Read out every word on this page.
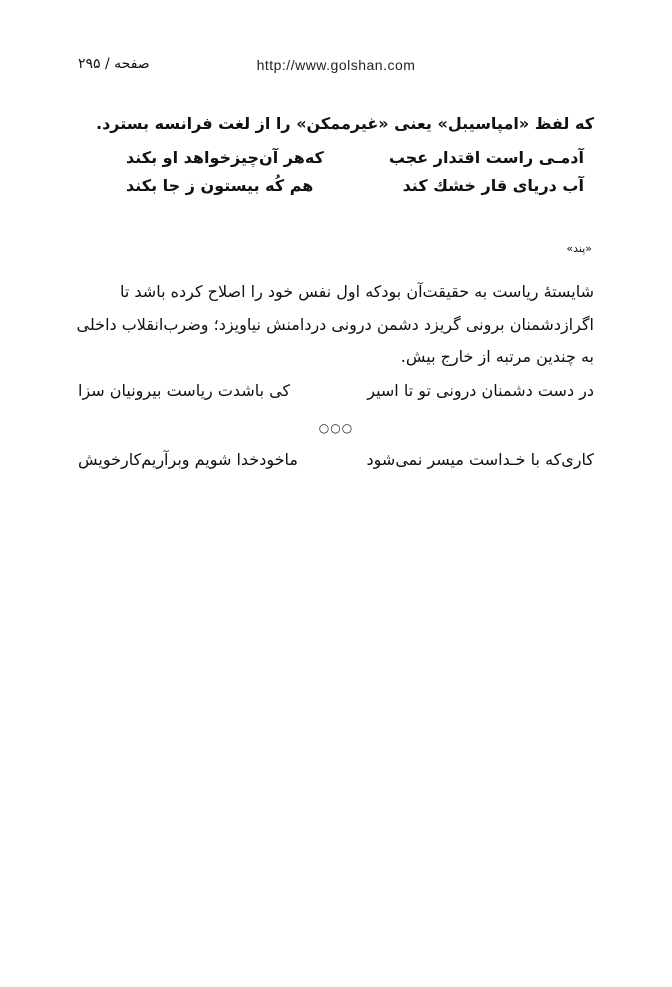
http://www.golshan.com
صفحه / ۲۹۵
که لفظ «امپاسیبل» یعنی «غیرممکن» را از لغت فرانسه بسترد.
آدمـی راست اقتدار عجب
که‌هر آن‌چیزخواهد او بکند
آب دریای قار خشك كند
هم کُه بیستون ز جا بکند
«پند»
شایستهٔ ریاست به حقیقت‌آن بودکه اول نفس خود را اصلاح کرده باشد تا
اگرازدشمنان برونی گریزد دشمن درونی دردامنش نیاویزد؛ وضرب‌انقلاب داخلی
به چندین مرتبه از خارج بیش.
در دست دشمنان درونی تو تا اسیر
کی باشدت ریاست بیرونیان سزا
○○○
کاری‌که با خـداست میسر نمی‌شود
ماخودخدا شویم وبرآریم‌کارخویش
